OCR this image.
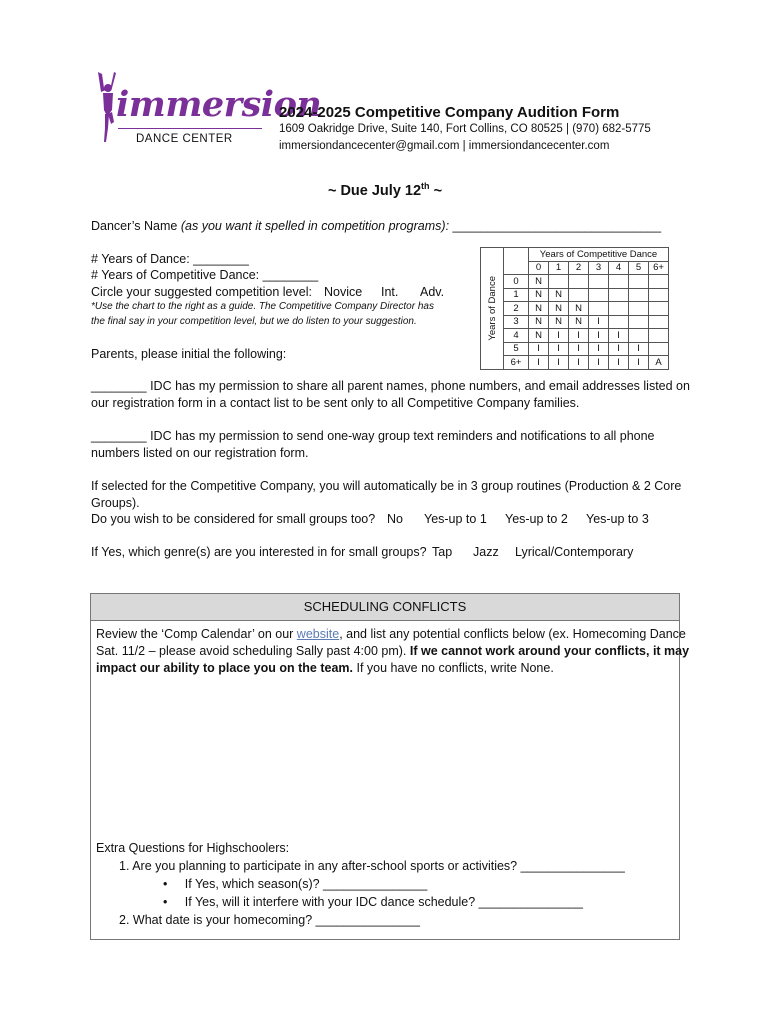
immersion
DANCE CENTER
2024-2025 Competitive Company Audition Form
1609 Oakridge Drive, Suite 140, Fort Collins, CO 80525 | (970) 682-5775
immersiondancecenter@gmail.com | immersiondancecenter.com
~ Due July 12th ~
Dancer’s Name (as you want it spelled in competition programs): ______________________________
# Years of Dance: ________
# Years of Competitive Dance: ________
Circle your suggested competition level: Novice Int. Adv.
*Use the chart to the right as a guide. The Competitive Company Director has
the final say in your competition level, but we do listen to your suggestion.	Years of Dance		Years of Competitive Dance						
		0	1	2	3	4	5	6+
	0	N						
	1	N	N					
	2	N	N	N				
	3	N	N	N	I			
	4	N	I	I	I	I		
	5	I	I	I	I	I	I	
	6+	I	I	I	I	I	I	A
Parents, please initial the following:
________ IDC has my permission to share all parent names, phone numbers, and email addresses listed on
our registration form in a contact list to be sent only to all Competitive Company families.
________ IDC has my permission to send one-way group text reminders and notifications to all phone
numbers listed on our registration form.
If selected for the Competitive Company, you will automatically be in 3 group routines (Production & 2 Core
Groups).
Do you wish to be considered for small groups too? No Yes-up to 1 Yes-up to 2 Yes-up to 3
If Yes, which genre(s) are you interested in for small groups? Tap Jazz Lyrical/Contemporary
SCHEDULING CONFLICTS
Review the ‘Comp Calendar’ on our website, and list any potential conflicts below (ex. Homecoming Dance
Sat. 11/2 – please avoid scheduling Sally past 4:00 pm). If we cannot work around your conflicts, it may
impact our ability to place you on the team. If you have no conflicts, write None.
Extra Questions for Highschoolers:
1. Are you planning to participate in any after-school sports or activities? _______________
• If Yes, which season(s)? _______________
• If Yes, will it interfere with your IDC dance schedule? _______________
2. What date is your homecoming? _______________
